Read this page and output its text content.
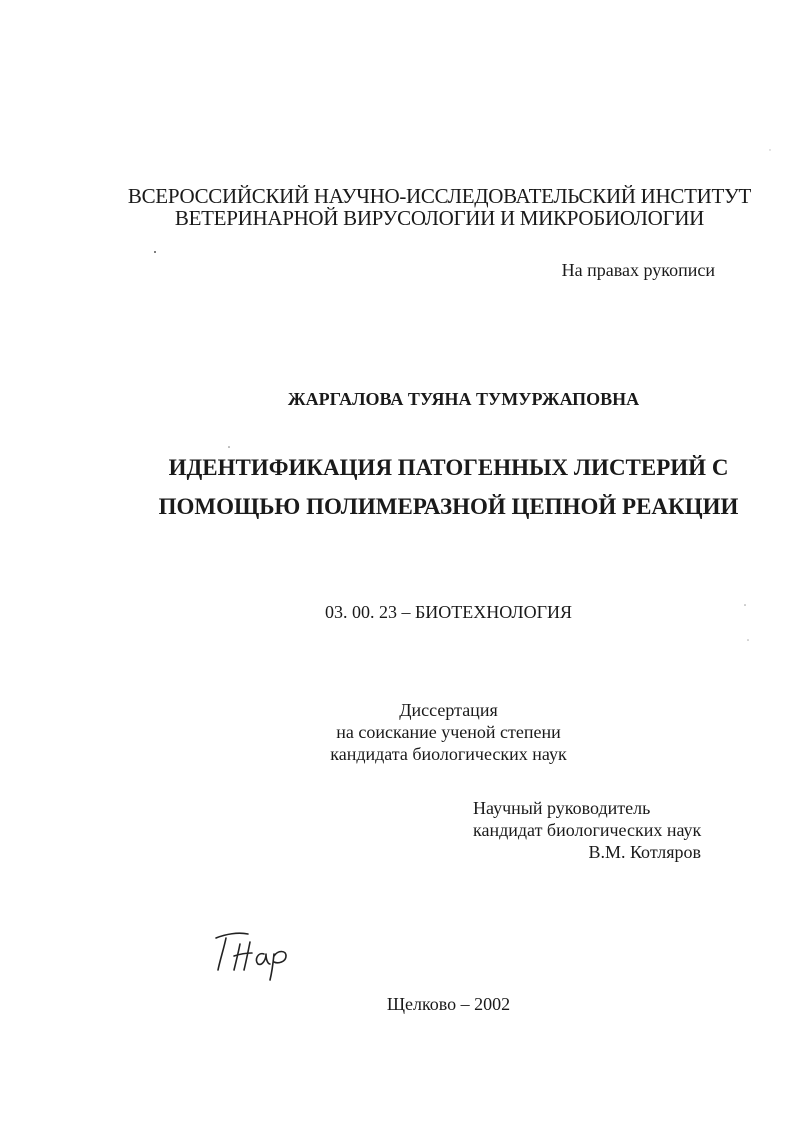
ВСЕРОССИЙСКИЙ НАУЧНО-ИССЛЕДОВАТЕЛЬСКИЙ ИНСТИТУТ
ВЕТЕРИНАРНОЙ ВИРУСОЛОГИИ И МИКРОБИОЛОГИИ

На правах рукописи

ЖАРГАЛОВА ТУЯНА ТУМУРЖАПОВНА

ИДЕНТИФИКАЦИЯ ПАТОГЕННЫХ ЛИСТЕРИЙ С
ПОМОЩЬЮ ПОЛИМЕРАЗНОЙ ЦЕПНОЙ РЕАКЦИИ

03. 00. 23 – БИОТЕХНОЛОГИЯ

Диссертация

на соискание ученой степени

кандидата биологических наук

Научный руководитель

кандидат биологических наук

В.М. Котляров

Щелково – 2002
